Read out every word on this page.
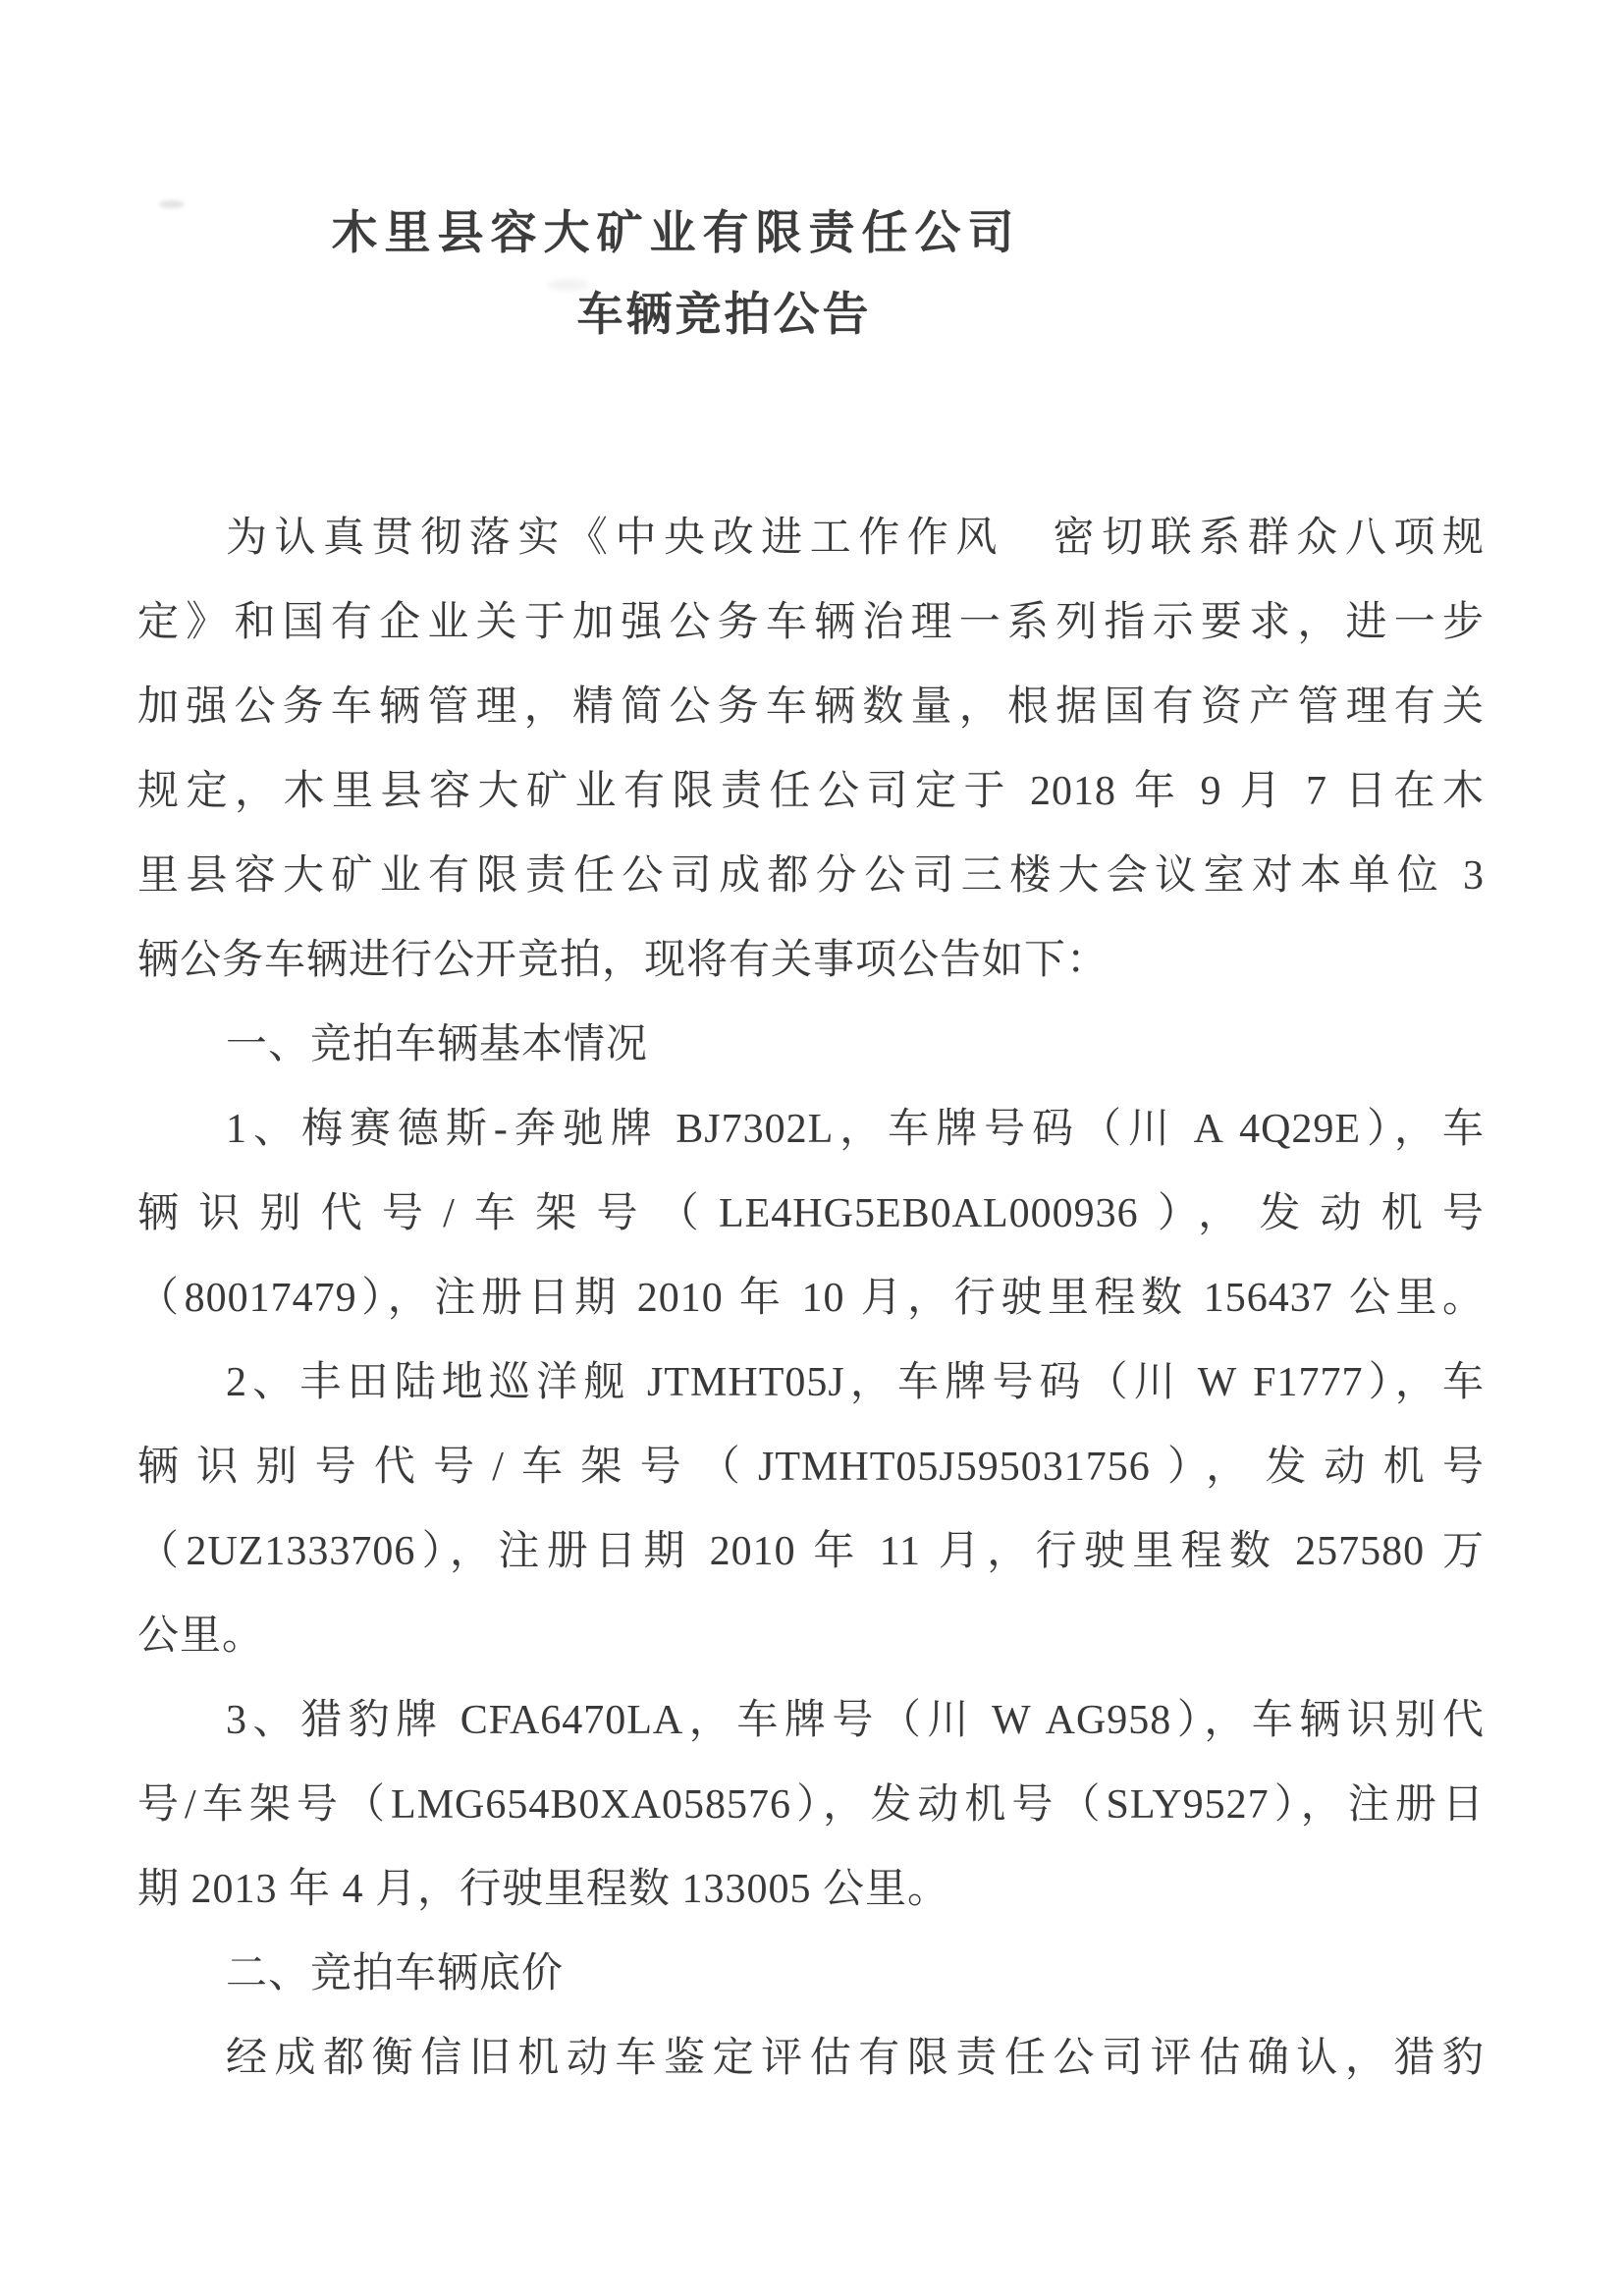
木里县容大矿业有限责任公司
车辆竞拍公告

为认真贯彻落实《中央改进工作作风　密切联系群众八项规

定》和国有企业关于加强公务车辆治理一系列指示要求，进一步

加强公务车辆管理，精简公务车辆数量，根据国有资产管理有关

规定，木里县容大矿业有限责任公司定于 2018 年 9 月 7 日在木

里县容大矿业有限责任公司成都分公司三楼大会议室对本单位 3

辆公务车辆进行公开竞拍，现将有关事项公告如下：

一、竞拍车辆基本情况

1、梅赛德斯-奔驰牌 BJ7302L，车牌号码（川 A 4Q29E），车

辆识别代号/车架号（LE4HG5EB0AL000936），发动机号

（80017479），注册日期 2010 年 10 月，行驶里程数 156437 公里。

2、丰田陆地巡洋舰 JTMHT05J，车牌号码（川 W F1777），车

辆识别号代号/车架号（JTMHT05J595031756），发动机号

（2UZ1333706），注册日期 2010 年 11 月，行驶里程数 257580 万

公里。

3、猎豹牌 CFA6470LA，车牌号（川 W AG958），车辆识别代

号/车架号（LMG654B0XA058576），发动机号（SLY9527），注册日

期 2013 年 4 月，行驶里程数 133005 公里。

二、竞拍车辆底价

经成都衡信旧机动车鉴定评估有限责任公司评估确认，猎豹
